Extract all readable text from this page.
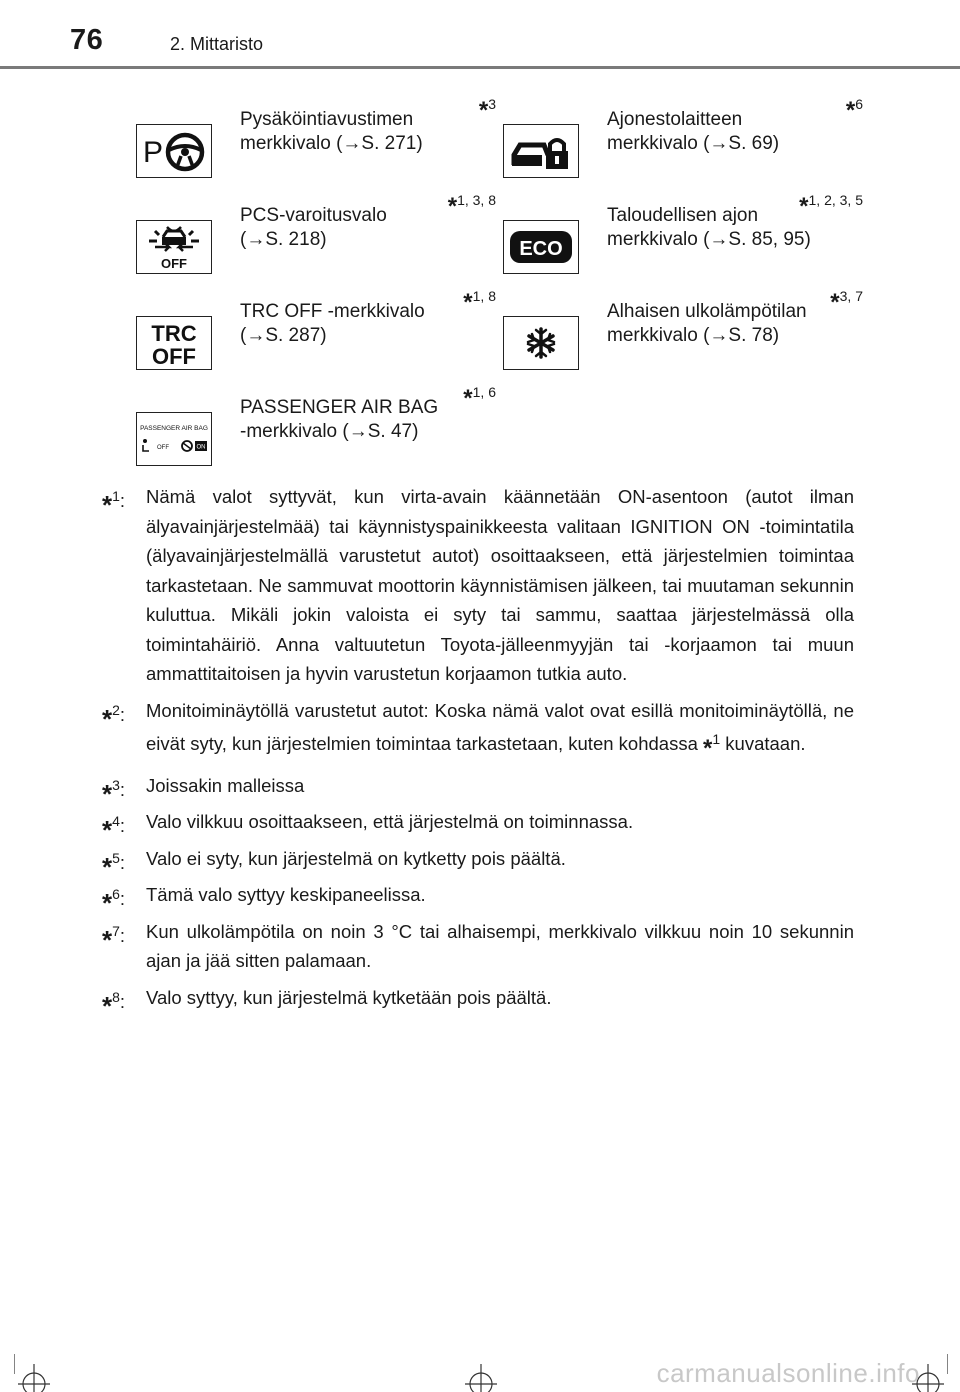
76	2. Mittaristo
*3
P
Pysäköintiavustimen
merkkivalo (→S. 271)
*6
Ajonestolaitteen
merkkivalo (→S. 69)
*1, 3, 8
OFF
PCS-varoitusvalo
(→S. 218)
*1, 2, 3, 5
ECO
Taloudellisen ajon
merkkivalo (→S. 85, 95)
*1, 8
TRC
OFF
TRC OFF -merkkivalo
(→S. 287)
*3, 7
Alhaisen ulkolämpötilan
merkkivalo (→S. 78)
*1, 6
PASSENGER AIR BAG
OFF	ON
PASSENGER AIR BAG
-merkkivalo (→S. 47)
*$^1$: Nämä valot syttyvät, kun virta-avain käännetään ON-asentoon (autot ilman älyavainjärjestelmää) tai käynnistyspainikkeesta valitaan IGNITION ON -toimintatila (älyavainjärjestelmällä varustetut autot) osoittaakseen, että järjestelmien toimintaa tarkastetaan. Ne sammuvat moottorin käynnistämisen jälkeen, tai muutaman sekunnin kuluttua. Mikäli jokin valoista ei syty tai sammu, saattaa järjestelmässä olla toimintahäiriö. Anna valtuutetun Toyota-jälleenmyyjän tai -korjaamon tai muun ammattitaitoisen ja hyvin varustetun korjaamon tutkia auto.
*$^2$: Monitoiminäytöllä varustetut autot: Koska nämä valot ovat esillä monitoiminäytöllä, ne eivät syty, kun järjestelmien toimintaa tarkastetaan, kuten kohdassa *$^1$ kuvataan.
*$^3$: Joissakin malleissa
*$^4$: Valo vilkkuu osoittaakseen, että järjestelmä on toiminnassa.
*$^5$: Valo ei syty, kun järjestelmä on kytketty pois päältä.
*$^6$: Tämä valo syttyy keskipaneelissa.
*$^7$: Kun ulkolämpötila on noin 3 °C tai alhaisempi, merkkivalo vilkkuu noin 10 sekunnin ajan ja jää sitten palamaan.
*$^8$: Valo syttyy, kun järjestelmä kytketään pois päältä.
carmanualsonline.info
